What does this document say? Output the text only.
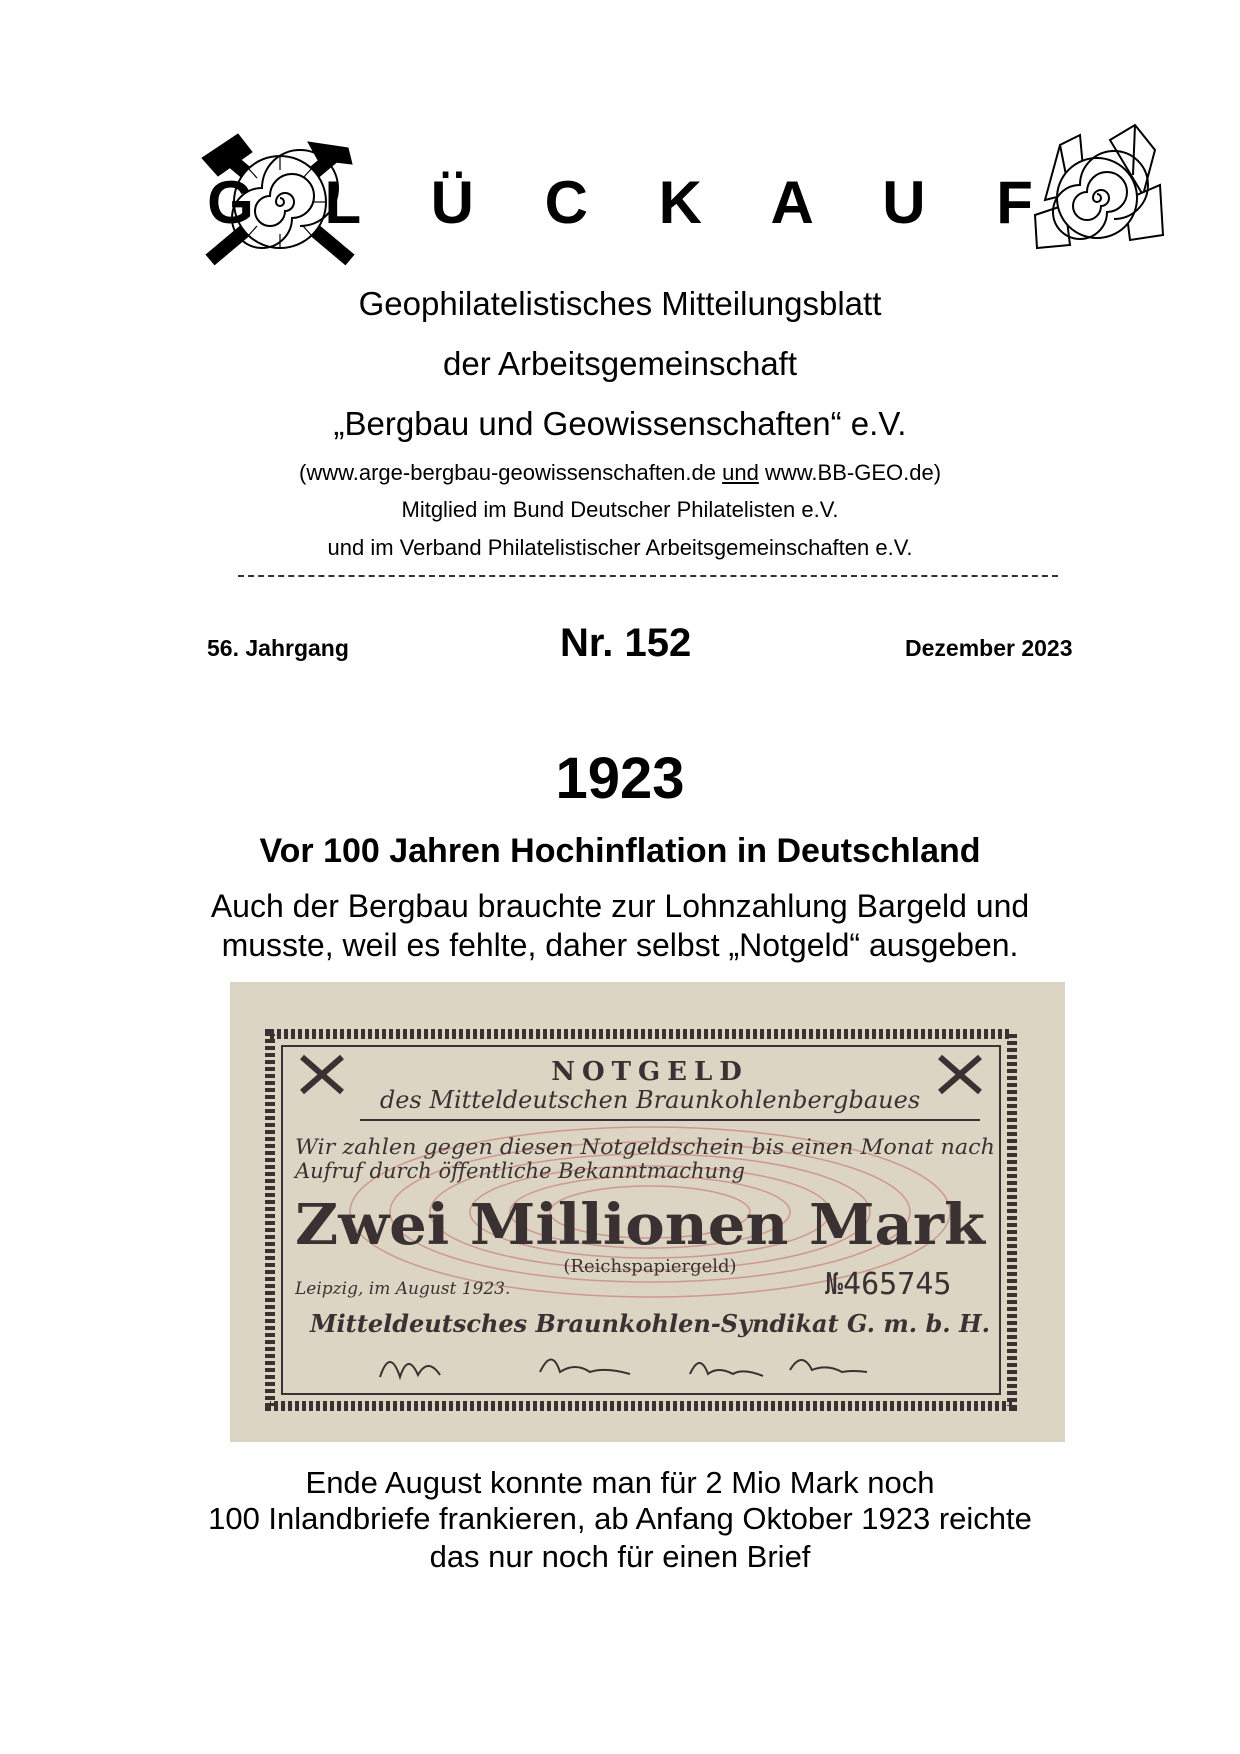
G L Ü C K A U F
Geophilatelistisches Mitteilungsblatt
der Arbeitsgemeinschaft
„Bergbau und Geowissenschaften“ e.V.
(www.arge-bergbau-geowissenschaften.de und www.BB-GEO.de)
Mitglied im Bund Deutscher Philatelisten e.V.
und im Verband Philatelistischer Arbeitsgemeinschaften e.V.
56. Jahrgang	Nr. 152	Dezember 2023
1923
Vor 100 Jahren Hochinflation in Deutschland
Auch der Bergbau brauchte zur Lohnzahlung Bargeld und
musste, weil es fehlte, daher selbst „Notgeld“ ausgeben.
NOTGELD
des Mitteldeutschen Braunkohlenbergbaues
Wir zahlen gegen diesen Notgeldschein bis einen Monat nach
Aufruf durch öffentliche Bekanntmachung
Zwei Millionen Mark
(Reichspapiergeld)
Leipzig, im August 1923.	№465745
Mitteldeutsches Braunkohlen-Syndikat G. m. b. H.
Ende August konnte man für 2 Mio Mark noch
100 Inlandbriefe frankieren, ab Anfang Oktober 1923 reichte
das nur noch für einen Brief
